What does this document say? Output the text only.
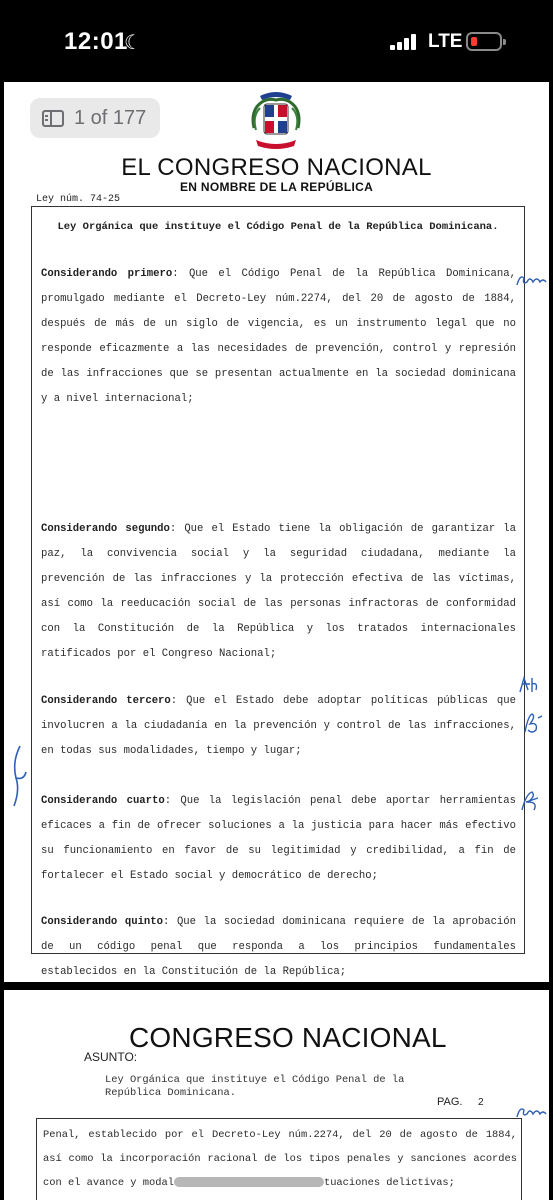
12:01
☾	LTE
1 of 177
EL CONGRESO NACIONAL
EN NOMBRE DE LA REPÚBLICA
Ley núm. 74-25
Ley Orgánica que instituye el Código Penal de la República Dominicana.

Considerando primero: Que el Código Penal de la República Dominicana, promulgado mediante el Decreto-Ley núm.2274, del 20 de agosto de 1884, después de más de un siglo de vigencia, es un instrumento legal que no responde eficazmente a las necesidades de prevención, control y represión de las infracciones que se presentan actualmente en la sociedad dominicana y a nivel internacional;

Considerando segundo: Que el Estado tiene la obligación de garantizar la paz, la convivencia social y la seguridad ciudadana, mediante la prevención de las infracciones y la protección efectiva de las víctimas, así como la reeducación social de las personas infractoras de conformidad con la Constitución de la República y los tratados internacionales ratificados por el Congreso Nacional;

Considerando tercero: Que el Estado debe adoptar políticas públicas que involucren a la ciudadanía en la prevención y control de las infracciones, en todas sus modalidades, tiempo y lugar;

Considerando cuarto: Que la legislación penal debe aportar herramientas eficaces a fin de ofrecer soluciones a la justicia para hacer más efectivo su funcionamiento en favor de su legitimidad y credibilidad, a fin de fortalecer el Estado social y democrático de derecho;

Considerando quinto: Que la sociedad dominicana requiere de la aprobación de un código penal que responda a los principios fundamentales establecidos en la Constitución de la República;

CONGRESO NACIONAL
ASUNTO:
Ley Orgánica que instituye el Código Penal de la República Dominicana.
PAG. 2

Penal, establecido por el Decreto-Ley núm.2274, del 20 de agosto de 1884, así como la incorporación racional de los tipos penales y sanciones acordes con el avance y modal	tuaciones delictivas;
